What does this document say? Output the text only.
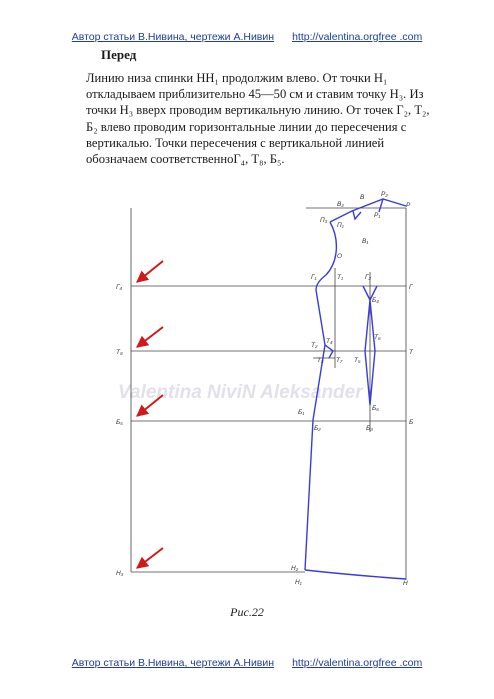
Автор статьи В.Нивина, чертежи А.Нивин http://valentina.orgfree .com
Перед
Линию низа спинки НН₁ продолжим влево. От точки Н₁
откладываем приблизительно 45—50 см и ставим точку Н₃. Из
точки Н₃ вверх проводим вертикальную линию. От точек Г₂, Т₂,
Б₂ влево проводим горизонтальные линии до пересечения с
вертикалью. Точки пересечения с вертикальной линией
обозначаем соответственноГ₄, Т₈, Б₅.
Valentina NiviN Aleksander
Г₄
Т₈
Б₅
Н₃
Г
Т
Б
Н
Р
Р₂
Р₁
В
В₂
В₁
П₃
П₁
О
Г₁	Т₁	Г₂
Б₄
Т₂
Т₄
Т₆
Т₃ Т₇ Т₅
Б₆
Б₁
Б₂	Б₃
Н₂
Н₁
Рис.22
Автор статьи В.Нивина, чертежи А.Нивин http://valentina.orgfree .com
